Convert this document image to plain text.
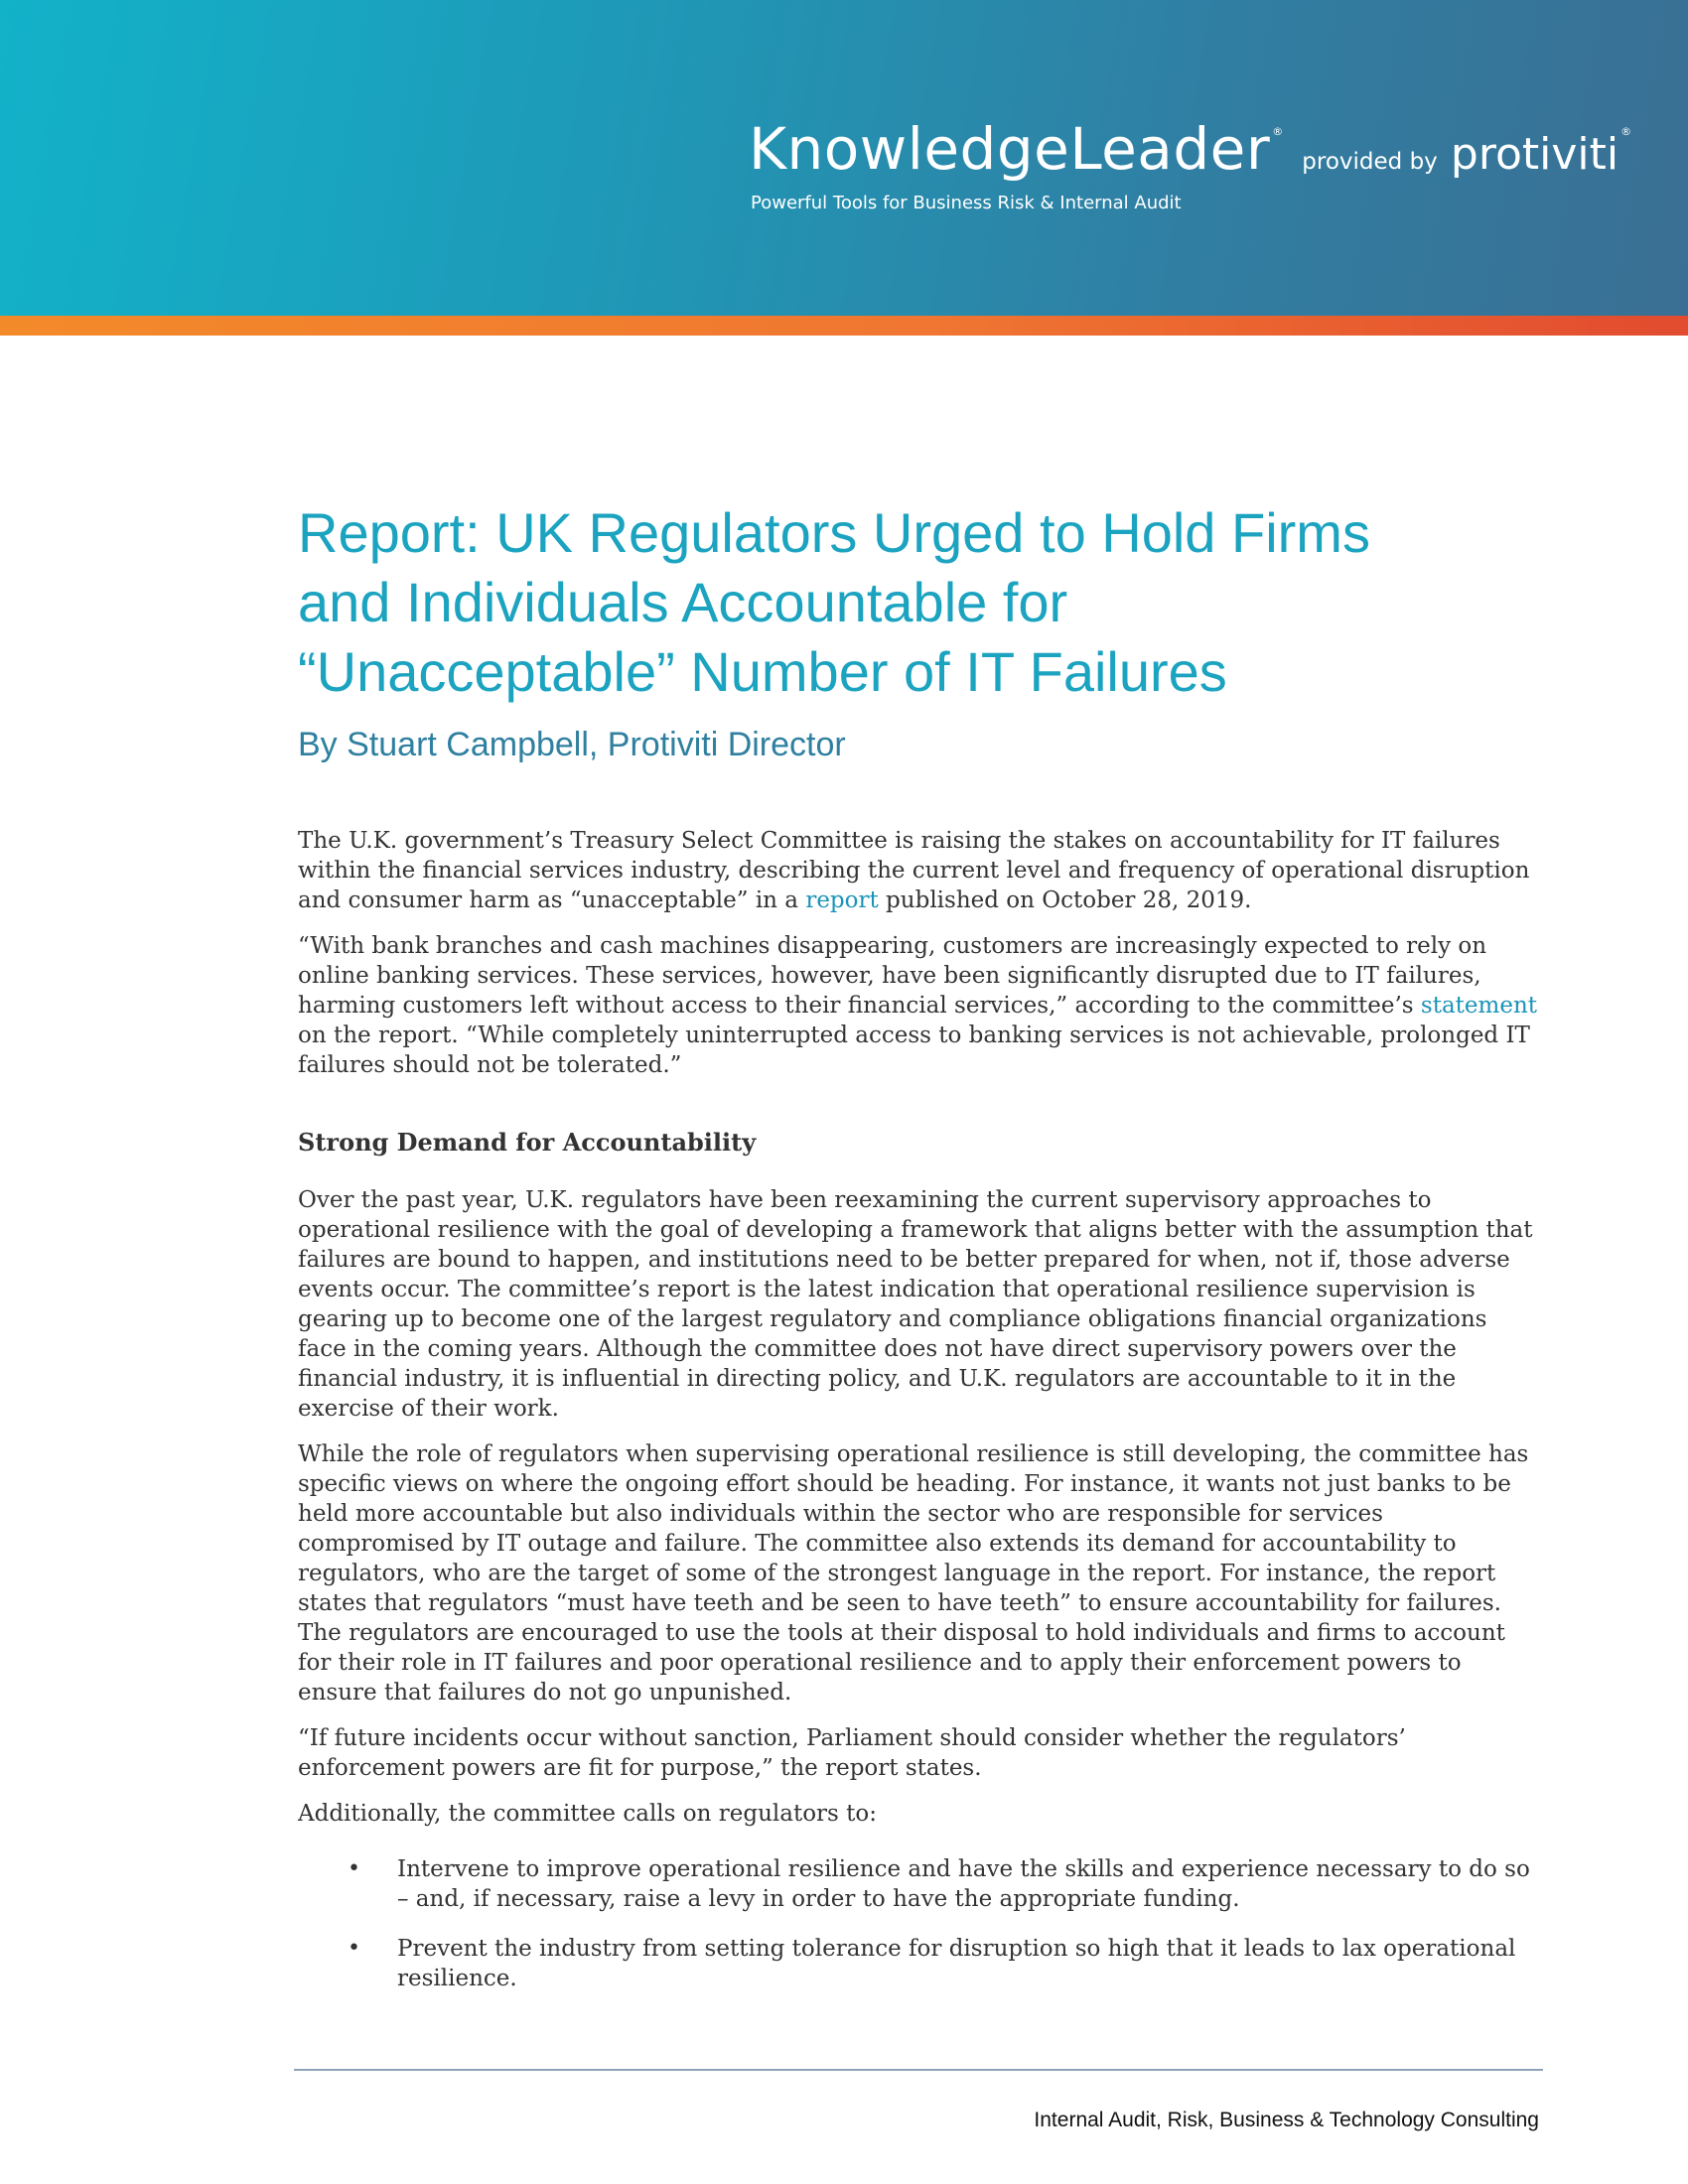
KnowledgeLeader ® provided by protiviti ®
Powerful Tools for Business Risk & Internal Audit
Report: UK Regulators Urged to Hold Firms
and Individuals Accountable for
“Unacceptable” Number of IT Failures
By Stuart Campbell, Protiviti Director

The U.K. government’s Treasury Select Committee is raising the stakes on accountability for IT failures within the financial services industry, describing the current level and frequency of operational disruption and consumer harm as “unacceptable” in a report published on October 28, 2019.

“With bank branches and cash machines disappearing, customers are increasingly expected to rely on online banking services. These services, however, have been significantly disrupted due to IT failures, harming customers left without access to their financial services,” according to the committee’s statement on the report. “While completely uninterrupted access to banking services is not achievable, prolonged IT failures should not be tolerated.”

Strong Demand for Accountability

Over the past year, U.K. regulators have been reexamining the current supervisory approaches to operational resilience with the goal of developing a framework that aligns better with the assumption that failures are bound to happen, and institutions need to be better prepared for when, not if, those adverse events occur. The committee’s report is the latest indication that operational resilience supervision is gearing up to become one of the largest regulatory and compliance obligations financial organizations face in the coming years. Although the committee does not have direct supervisory powers over the financial industry, it is influential in directing policy, and U.K. regulators are accountable to it in the exercise of their work.

While the role of regulators when supervising operational resilience is still developing, the committee has specific views on where the ongoing effort should be heading. For instance, it wants not just banks to be held more accountable but also individuals within the sector who are responsible for services compromised by IT outage and failure. The committee also extends its demand for accountability to regulators, who are the target of some of the strongest language in the report. For instance, the report states that regulators “must have teeth and be seen to have teeth” to ensure accountability for failures. The regulators are encouraged to use the tools at their disposal to hold individuals and firms to account for their role in IT failures and poor operational resilience and to apply their enforcement powers to ensure that failures do not go unpunished.

“If future incidents occur without sanction, Parliament should consider whether the regulators’ enforcement powers are fit for purpose,” the report states.

Additionally, the committee calls on regulators to:

• Intervene to improve operational resilience and have the skills and experience necessary to do so – and, if necessary, raise a levy in order to have the appropriate funding.
• Prevent the industry from setting tolerance for disruption so high that it leads to lax operational resilience.
Internal Audit, Risk, Business & Technology Consulting
